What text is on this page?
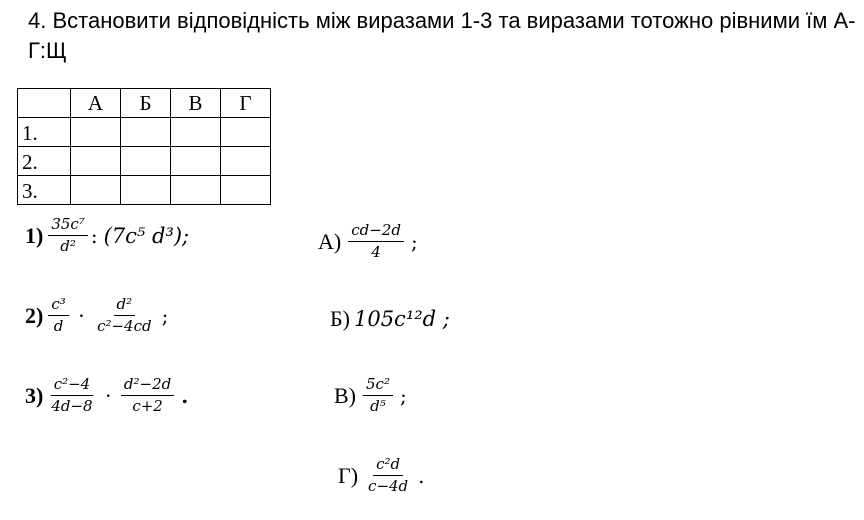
4. Встановити відповідність між виразами 1-3 та виразами тотожно рівними їм А-Г:Щ
	А	Б	В	Г
1.				
2.				
3.				
$1) \frac{\text{35c⁷}}{\text{d²}}$ : (7c⁵ d³);
$2) \frac{\text{c³}}{d} \cdot \frac{\text{d²}}{\text{c²−4cd}}$ ;
$3) \frac{\text{c²−4}}{4d-8} \cdot \frac{\text{d²−2d}}{c+2}$ .
$А) \frac{cd-2d}{4}$ ;
Б) 105c¹²d ;
$В) \frac{\text{5c²}}{\text{d⁵}}$ ;
$Г) \frac{\text{c²d}}{c-4d}$ .
